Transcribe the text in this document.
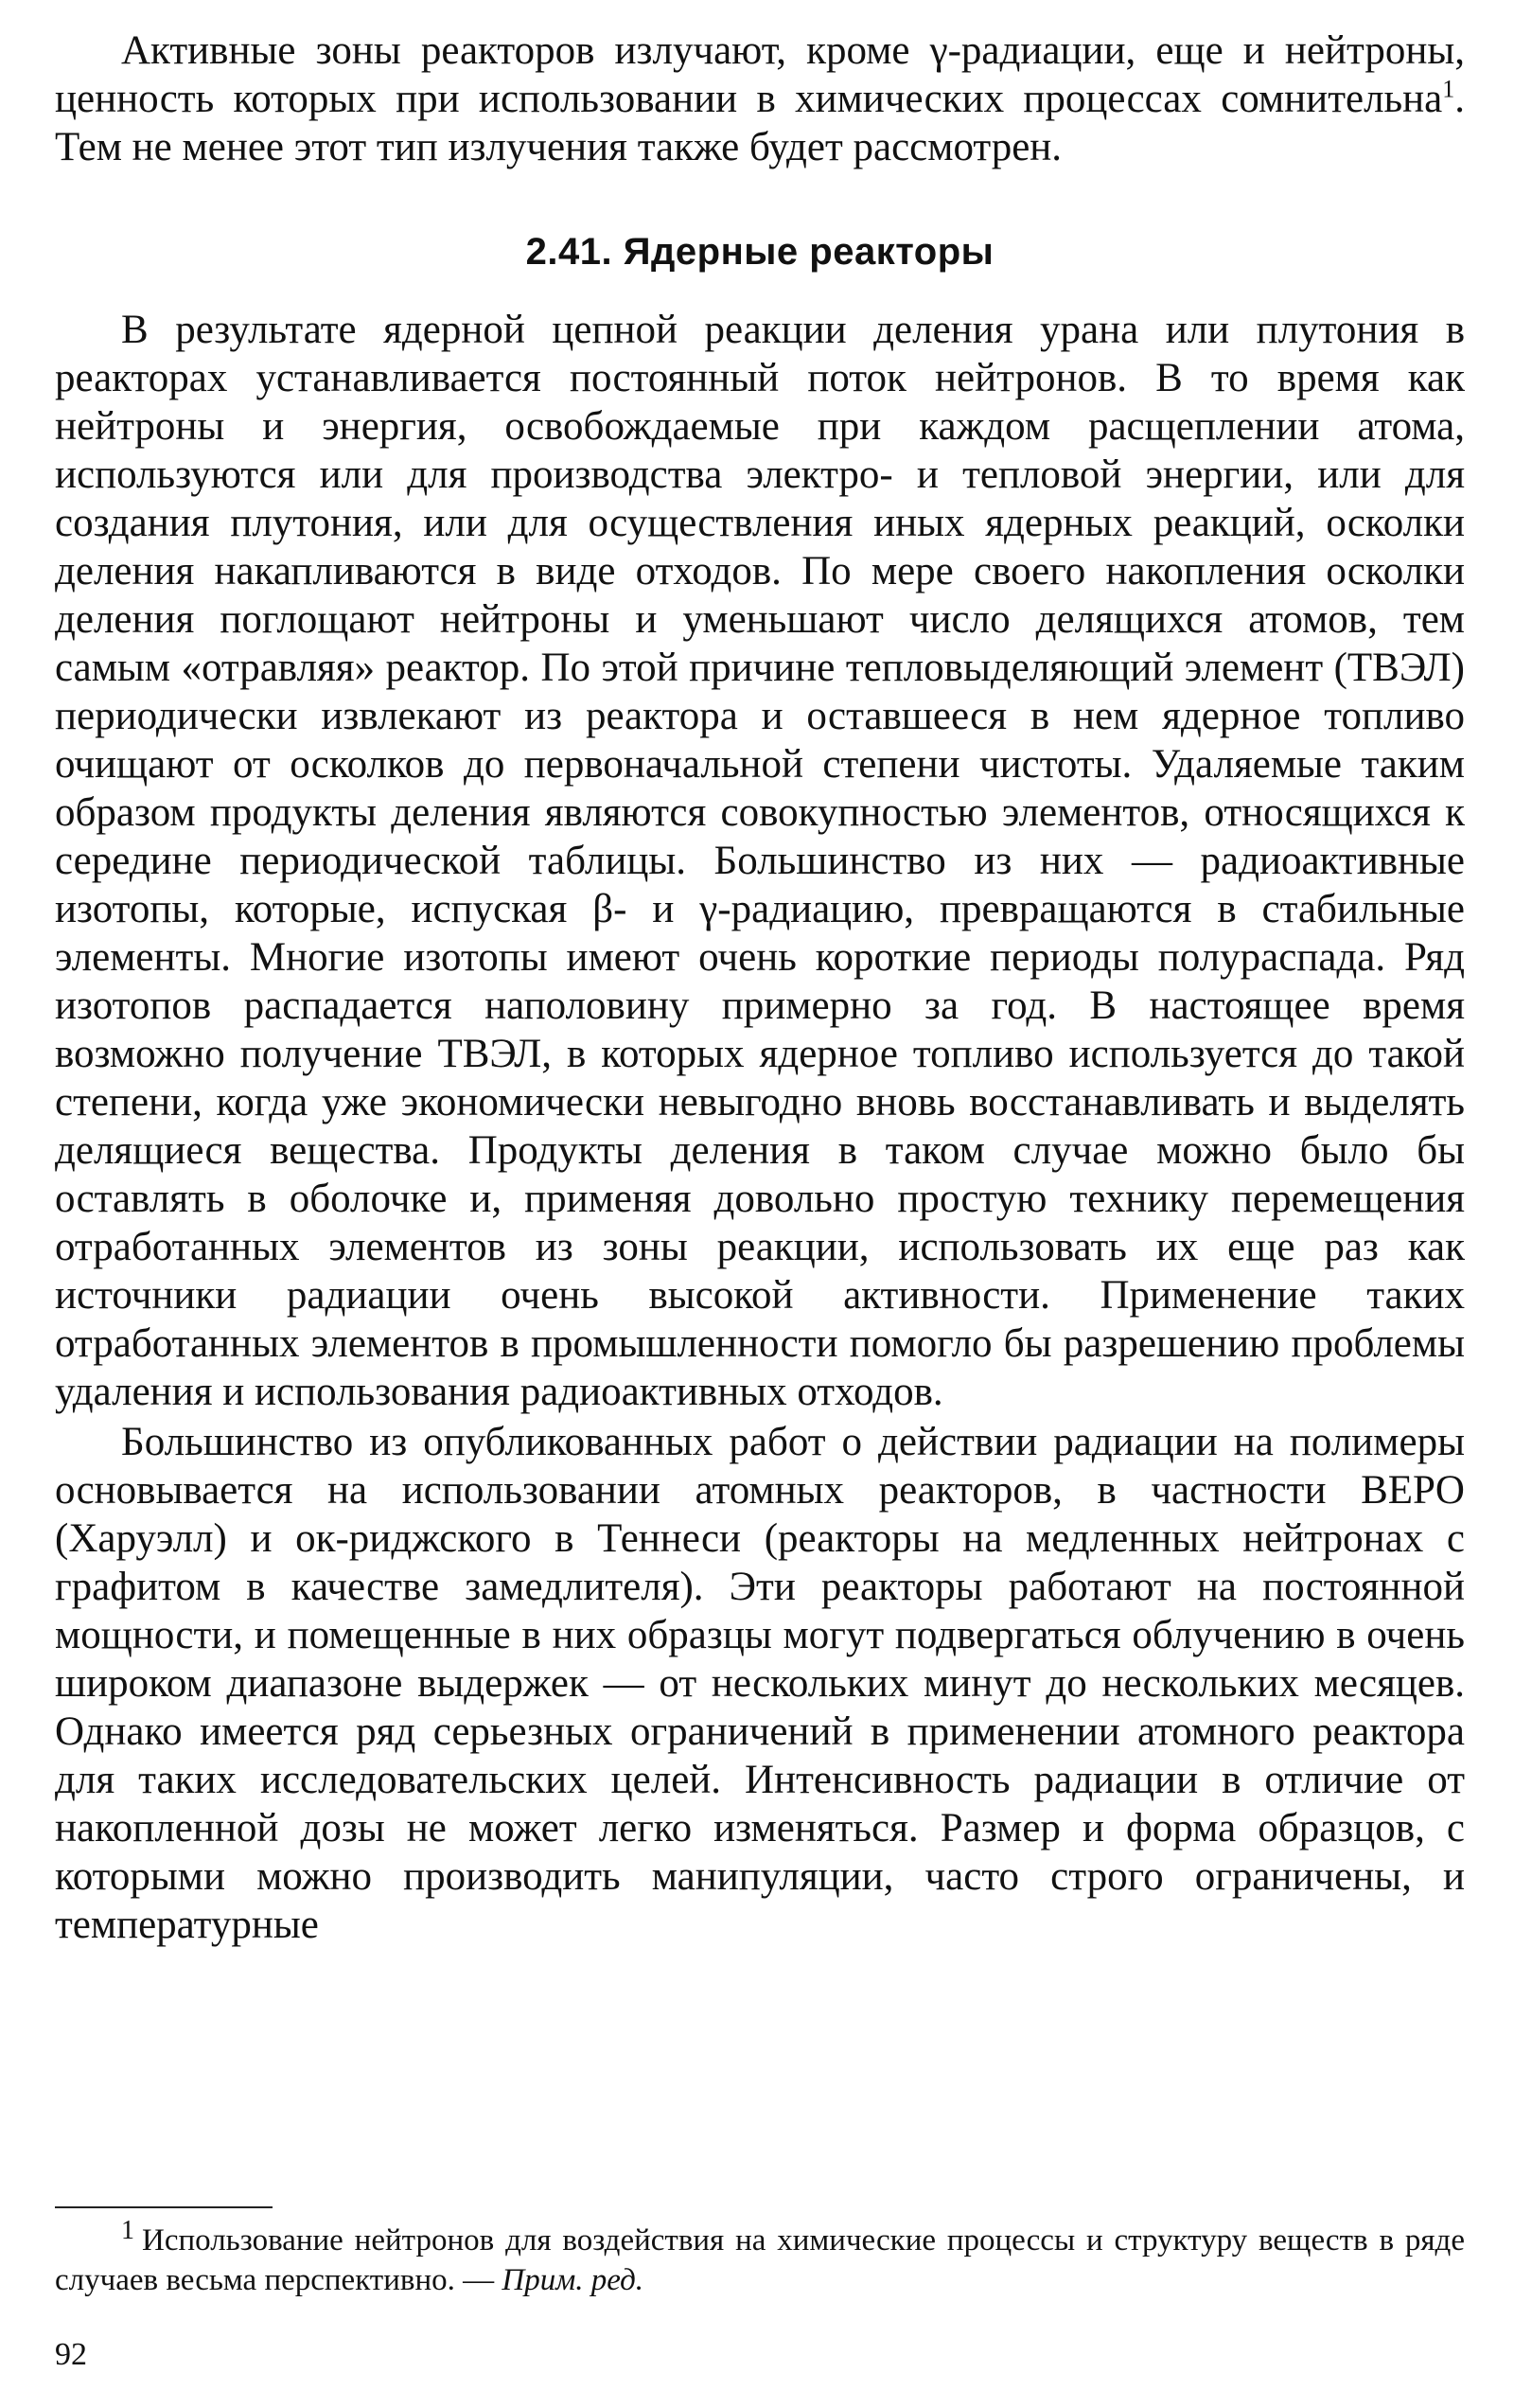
Активные зоны реакторов излучают, кроме γ-радиации, еще и нейтроны, ценность которых при использовании в химических процессах сомнительна$^1$. Тем не менее этот тип излучения также будет рассмотрен.

2.41. Ядерные реакторы

В результате ядерной цепной реакции деления урана или плутония в реакторах устанавливается постоянный поток нейтронов. В то время как нейтроны и энергия, освобождаемые при каждом расщеплении атома, используются или для производства электро- и тепловой энергии, или для создания плутония, или для осуществления иных ядерных реакций, осколки деления накапливаются в виде отходов. По мере своего накопления осколки деления поглощают нейтроны и уменьшают число делящихся атомов, тем самым «отравляя» реактор. По этой причине тепловыделяющий элемент (ТВЭЛ) периодически извлекают из реактора и оставшееся в нем ядерное топливо очищают от осколков до первоначальной степени чистоты. Удаляемые таким образом продукты деления являются совокупностью элементов, относящихся к середине периодической таблицы. Большинство из них — радиоактивные изотопы, которые, испуская β- и γ-радиацию, превращаются в стабильные элементы. Многие изотопы имеют очень короткие периоды полураспада. Ряд изотопов распадается наполовину примерно за год. В настоящее время возможно получение ТВЭЛ, в которых ядерное топливо используется до такой степени, когда уже экономически невыгодно вновь восстанавливать и выделять делящиеся вещества. Продукты деления в таком случае можно было бы оставлять в оболочке и, применяя довольно простую технику перемещения отработанных элементов из зоны реакции, использовать их еще раз как источники радиации очень высокой активности. Применение таких отработанных элементов в промышленности помогло бы разрешению проблемы удаления и использования радиоактивных отходов.

Большинство из опубликованных работ о действии радиации на полимеры основывается на использовании атомных реакторов, в частности BEPO (Харуэлл) и ок-риджского в Теннеси (реакторы на медленных нейтронах с графитом в качестве замедлителя). Эти реакторы работают на постоянной мощности, и помещенные в них образцы могут подвергаться облучению в очень широком диапазоне выдержек — от нескольких минут до нескольких месяцев. Однако имеется ряд серьезных ограничений в применении атомного реактора для таких исследовательских целей. Интенсивность радиации в отличие от накопленной дозы не может легко изменяться. Размер и форма образцов, с которыми можно производить манипуляции, часто строго ограничены, и температурные

$^1$ Использование нейтронов для воздействия на химические процессы и структуру веществ в ряде случаев весьма перспективно. — Прим. ред.

92
